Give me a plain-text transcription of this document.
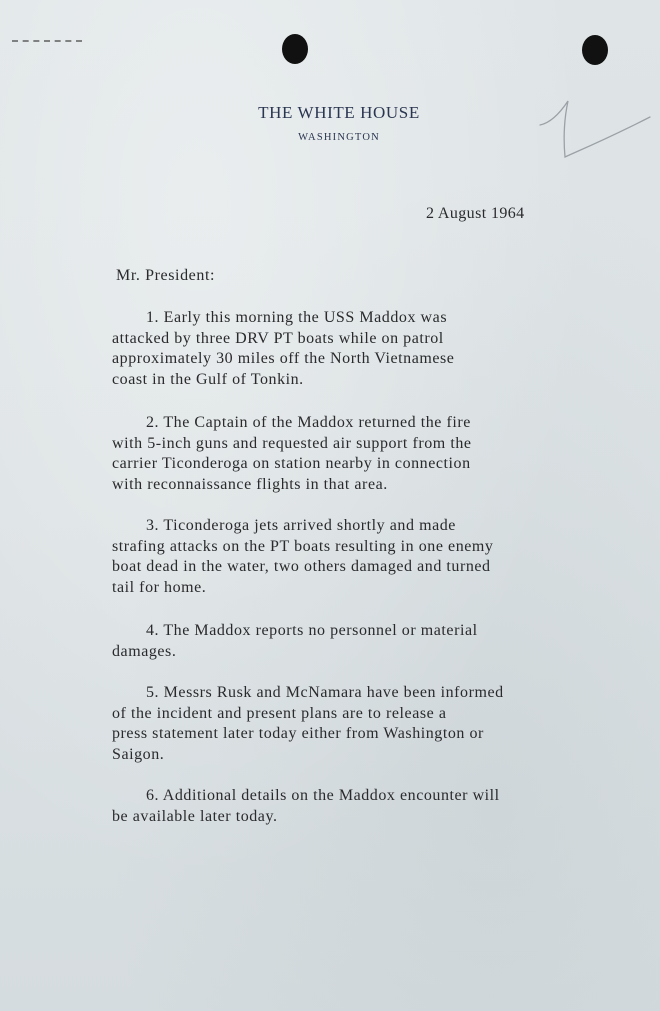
THE WHITE HOUSE
WASHINGTON
2 August 1964
Mr. President:
1. Early this morning the USS Maddox was
attacked by three DRV PT boats while on patrol
approximately 30 miles off the North Vietnamese
coast in the Gulf of Tonkin.
2. The Captain of the Maddox returned the fire
with 5-inch guns and requested air support from the
carrier Ticonderoga on station nearby in connection
with reconnaissance flights in that area.
3. Ticonderoga jets arrived shortly and made
strafing attacks on the PT boats resulting in one enemy
boat dead in the water, two others damaged and turned
tail for home.
4. The Maddox reports no personnel or material
damages.
5. Messrs Rusk and McNamara have been informed
of the incident and present plans are to release a
press statement later today either from Washington or
Saigon.
6. Additional details on the Maddox encounter will
be available later today.
